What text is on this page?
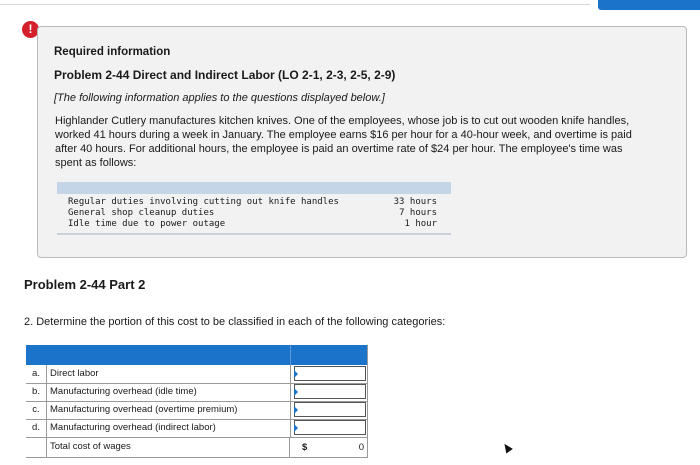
!
Required information
Problem 2-44 Direct and Indirect Labor (LO 2-1, 2-3, 2-5, 2-9)
[The following information applies to the questions displayed below.]
Highlander Cutlery manufactures kitchen knives. One of the employees, whose job is to cut out wooden knife handles, worked 41 hours during a week in January. The employee earns $16 per hour for a 40-hour week, and overtime is paid after 40 hours. For additional hours, the employee is paid an overtime rate of $24 per hour. The employee's time was spent as follows:
Regular duties involving cutting out knife handles	33 hours
General shop cleanup duties	7 hours
Idle time due to power outage	1 hour
Problem 2-44 Part 2
2. Determine the portion of this cost to be classified in each of the following categories:
a.	Direct labor
b.	Manufacturing overhead (idle time)
c.	Manufacturing overhead (overtime premium)
d.	Manufacturing overhead (indirect labor)
Total cost of wages	$	0
